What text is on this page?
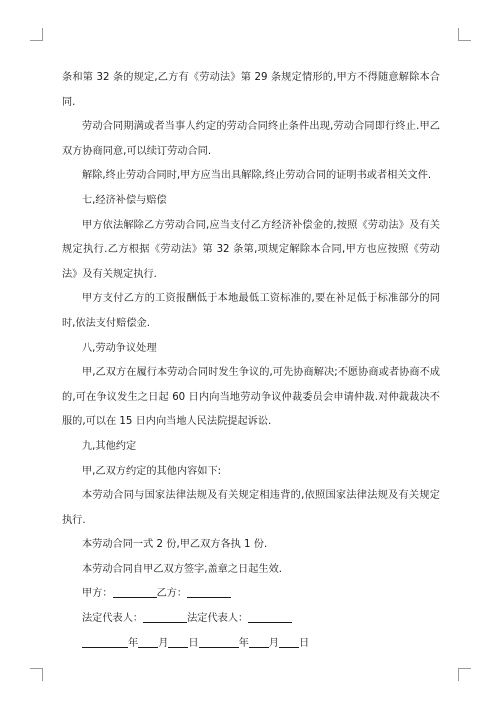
条和第 32 条的规定,乙方有《劳动法》第 29 条规定情形的,甲方不得随意解除本合同.

劳动合同期满或者当事人约定的劳动合同终止条件出现,劳动合同即行终止.甲乙双方协商同意,可以续订劳动合同.

解除,终止劳动合同时,甲方应当出具解除,终止劳动合同的证明书或者相关文件.

七,经济补偿与赔偿

甲方依法解除乙方劳动合同,应当支付乙方经济补偿金的,按照《劳动法》及有关规定执行.乙方根据《劳动法》第 32 条第,项规定解除本合同,甲方也应按照《劳动法》及有关规定执行.

甲方支付乙方的工资报酬低于本地最低工资标准的,要在补足低于标准部分的同时,依法支付赔偿金.

八,劳动争议处理

甲,乙双方在履行本劳动合同时发生争议的,可先协商解决;不愿协商或者协商不成的,可在争议发生之日起 60 日内向当地劳动争议仲裁委员会申请仲裁.对仲裁裁决不服的,可以在 15 日内向当地人民法院提起诉讼.

九,其他约定

甲,乙双方约定的其他内容如下:

本劳动合同与国家法律法规及有关规定相违背的,依照国家法律法规及有关规定执行.

本劳动合同一式 2 份,甲乙双方各执 1 份.

本劳动合同自甲乙双方签字,盖章之日起生效.

甲方：	乙方：

法定代表人：	法定代表人：

年 月 日	年 月 日
